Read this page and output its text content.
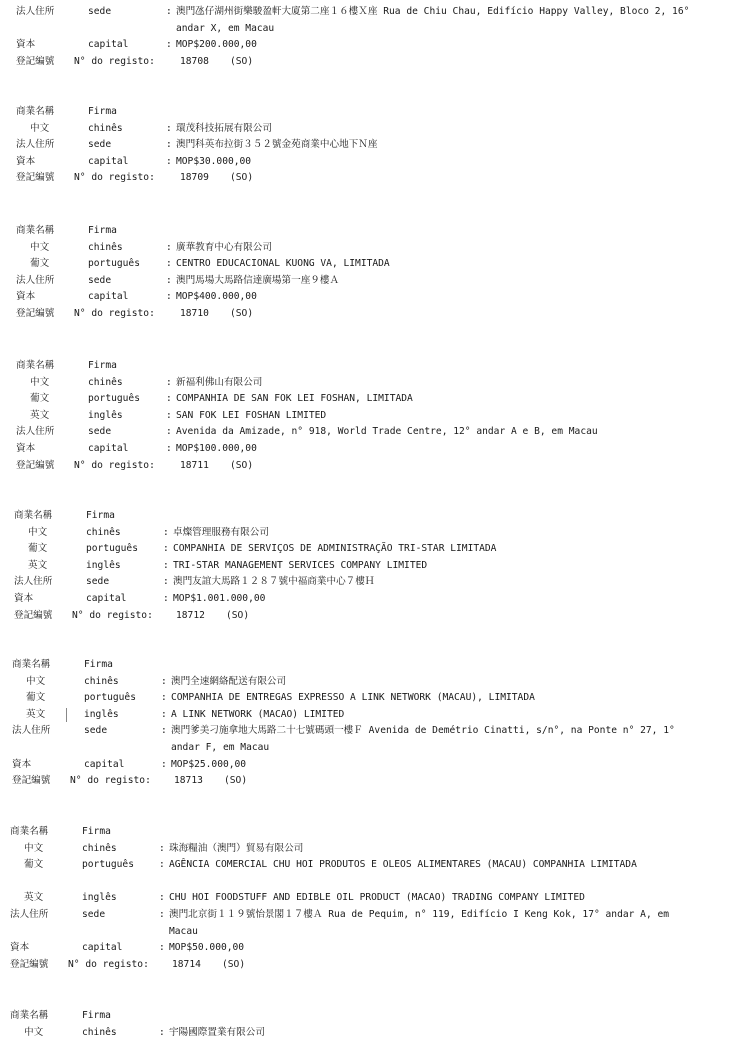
法人住所	sede	: 澳門氹仔湖州街樂駿盈軒大廈第二座１６樓Ｘ座 Rua de Chiu Chau, Edifício Happy Valley, Bloco 2, 16° andar X, em Macau
資本	capital	: MOP$200.000,00
登記編號 N° do registo:	18708 (SO)
商業名稱	Firma
中文	chinês	: 環茂科技拓展有限公司
法人住所	sede	: 澳門科英布拉街３５２號金苑商業中心地下Ｎ座
資本	capital	: MOP$30.000,00
登記編號 N° do registo:	18709 (SO)
商業名稱	Firma
中文	chinês	: 廣華教育中心有限公司
葡文	português	: CENTRO EDUCACIONAL KUONG VA, LIMITADA
法人住所	sede	: 澳門馬場大馬路信達廣場第一座９樓Ａ
資本	capital	: MOP$400.000,00
登記編號 N° do registo:	18710 (SO)
商業名稱	Firma
中文	chinês	: 新福利佛山有限公司
葡文	português	: COMPANHIA DE SAN FOK LEI FOSHAN, LIMITADA
英文	inglês	: SAN FOK LEI FOSHAN LIMITED
法人住所	sede	: Avenida da Amizade, n° 918, World Trade Centre, 12° andar A e B, em Macau
資本	capital	: MOP$100.000,00
登記編號 N° do registo:	18711 (SO)
商業名稱	Firma
中文	chinês	: 卓燦管理服務有限公司
葡文	português	: COMPANHIA DE SERVIÇOS DE ADMINISTRAÇÃO TRI-STAR LIMITADA
英文	inglês	: TRI-STAR MANAGEMENT SERVICES COMPANY LIMITED
法人住所	sede	: 澳門友誼大馬路１２８７號中福商業中心７樓Ｈ
資本	capital	: MOP$1.001.000,00
登記編號 N° do registo: 18712 (SO)
商業名稱	Firma
中文	chinês	: 澳門全速網絡配送有限公司
葡文	português	: COMPANHIA DE ENTREGAS EXPRESSO A LINK NETWORK (MACAU), LIMITADA
英文	inglês	: A LINK NETWORK (MACAO) LIMITED
法人住所	sede	: 澳門爹美刁施拿地大馬路二十七號碼頭一樓Ｆ Avenida de Demétrio Cinatti, s/n°, na Ponte n° 27, 1° andar F, em Macau
資本	capital	: MOP$25.000,00
登記編號 N° do registo: 18713 (SO)
商業名稱	Firma
中文	chinês	: 珠海糧油（澳門）貿易有限公司
葡文	português	: AGÊNCIA COMERCIAL CHU HOI PRODUTOS E OLEOS ALIMENTARES (MACAU) COMPANHIA LIMITADA
英文	inglês	: CHU HOI FOODSTUFF AND EDIBLE OIL PRODUCT (MACAO) TRADING COMPANY LIMITED
法人住所	sede	: 澳門北京街１１９號怡景閣１７樓Ａ Rua de Pequim, n° 119, Edifício I Keng Kok, 17° andar A, em Macau
資本	capital	: MOP$50.000,00
登記編號 N° do registo: 18714 (SO)
商業名稱	Firma
中文	chinês	: 宇陽國際置業有限公司
